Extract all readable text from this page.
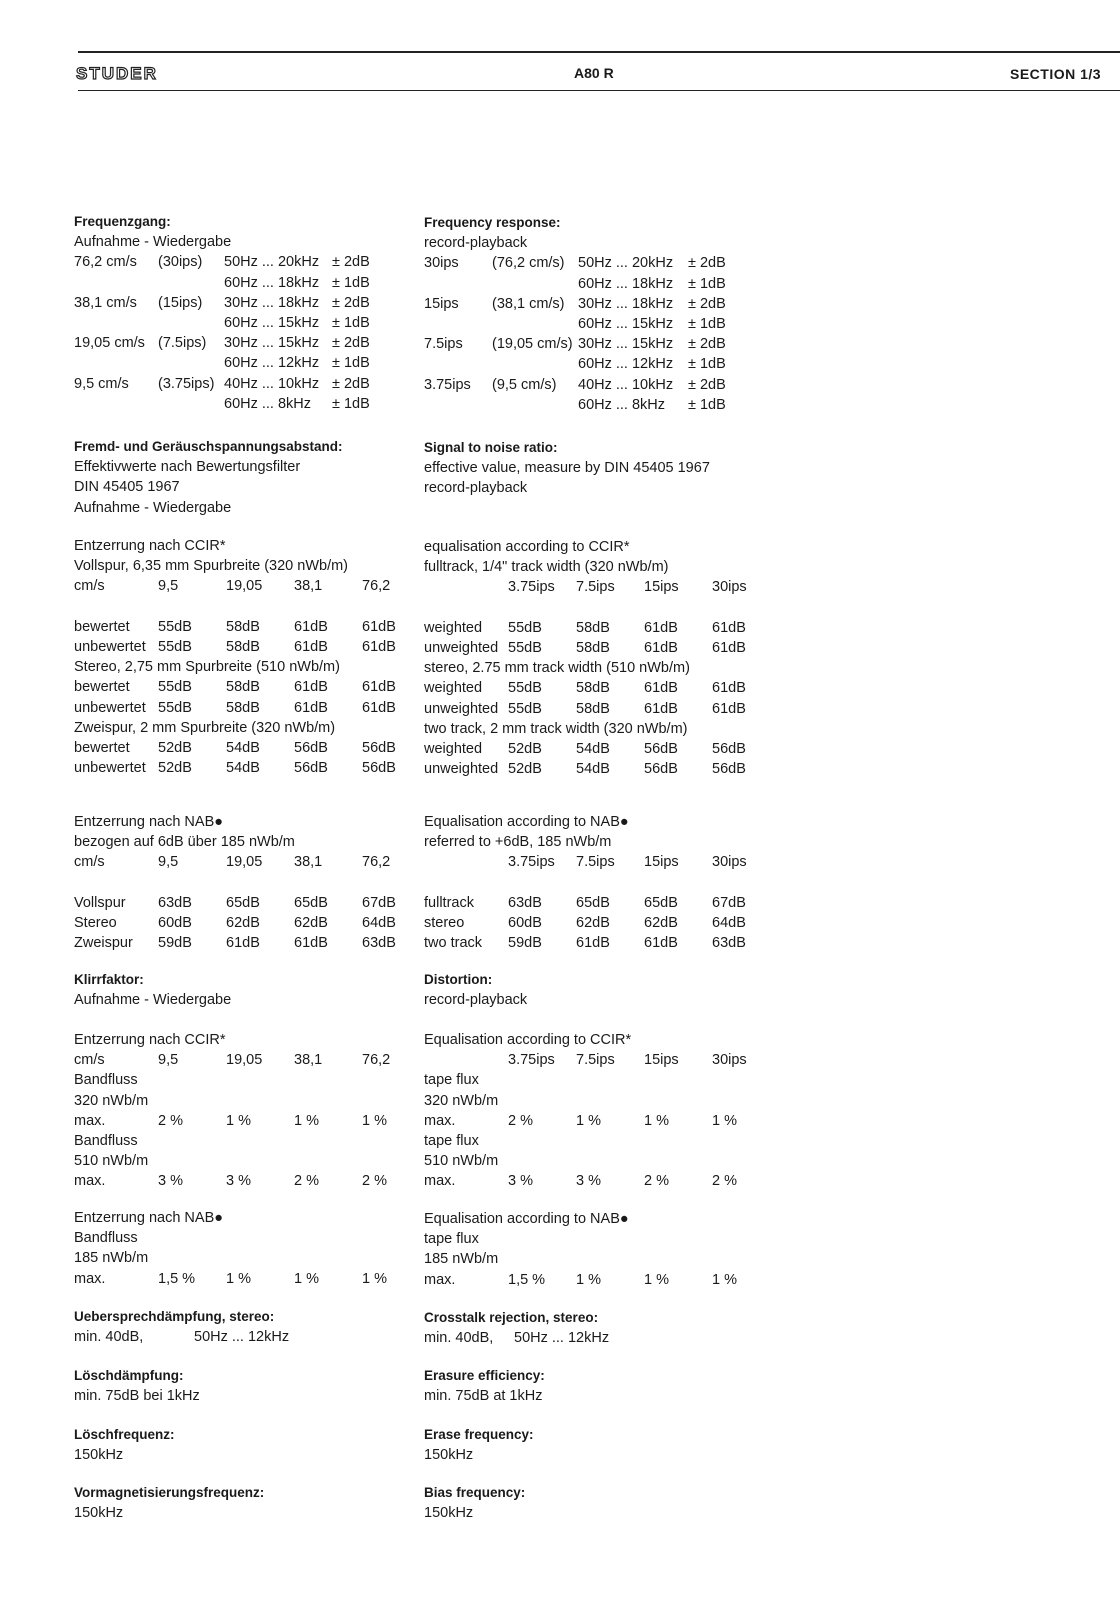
STUDER	A80 R	SECTION 1/3
Frequenzgang:
Aufnahme - Wiedergabe
76,2 cm/s (30ips) 50Hz ... 20kHz ± 2dB
60Hz ... 18kHz ± 1dB
38,1 cm/s (15ips) 30Hz ... 18kHz ± 2dB
60Hz ... 15kHz ± 1dB
19,05 cm/s (7.5ips) 30Hz ... 15kHz ± 2dB
60Hz ... 12kHz ± 1dB
9,5 cm/s (3.75ips) 40Hz ... 10kHz ± 2dB
60Hz ... 8kHz ± 1dB
Fremd- und Geräuschspannungsabstand:
Effektivwerte nach Bewertungsfilter
DIN 45405 1967
Aufnahme - Wiedergabe
Entzerrung nach CCIR*
Vollspur, 6,35 mm Spurbreite (320 nWb/m)
cm/s	9,5	19,05 38,1	76,2
bewertet 55dB 58dB 61dB 61dB
unbewertet 55dB 58dB 61dB 61dB
Stereo, 2,75 mm Spurbreite (510 nWb/m)
bewertet 55dB 58dB 61dB 61dB
unbewertet 55dB 58dB 61dB 61dB
Zweispur, 2 mm Spurbreite (320 nWb/m)
bewertet 52dB 54dB 56dB 56dB
unbewertet 52dB 54dB 56dB 56dB
Entzerrung nach NAB●
bezogen auf 6dB über 185 nWb/m
cm/s	9,5	19,05 38,1	76,2
Vollspur 63dB 65dB 65dB 67dB
Stereo	60dB 62dB 62dB 64dB
Zweispur 59dB 61dB 61dB 63dB
Klirrfaktor:
Aufnahme - Wiedergabe
Entzerrung nach CCIR*
cm/s	9,5	19,05 38,1	76,2
Bandfluss
320 nWb/m
max.	2 %	1 %	1 %	1 %
Bandfluss
510 nWb/m
max.	3 %	3 %	2 %	2 %
Entzerrung nach NAB●
Bandfluss
185 nWb/m
max.	1,5 % 1 %	1 %	1 %
Uebersprechdämpfung, stereo:
min. 40dB,	50Hz ... 12kHz
Löschdämpfung:
min. 75dB bei 1kHz
Löschfrequenz:
150kHz
Vormagnetisierungsfrequenz:
150kHz
Frequency response:
record-playback
30ips (76,2 cm/s) 50Hz ... 20kHz ± 2dB
60Hz ... 18kHz ± 1dB
15ips (38,1 cm/s) 30Hz ... 18kHz ± 2dB
60Hz ... 15kHz ± 1dB
7.5ips (19,05 cm/s) 30Hz ... 15kHz ± 2dB
60Hz ... 12kHz ± 1dB
3.75ips (9,5 cm/s) 40Hz ... 10kHz ± 2dB
60Hz ... 8kHz ± 1dB
Signal to noise ratio:
effective value, measure by DIN 45405 1967
record-playback
equalisation according to CCIR*
fulltrack, 1/4" track width (320 nWb/m)
3.75ips 7.5ips 15ips 30ips
weighted 55dB 58dB 61dB 61dB
unweighted 55dB 58dB 61dB 61dB
stereo, 2.75 mm track width (510 nWb/m)
weighted 55dB 58dB 61dB 61dB
unweighted 55dB 58dB 61dB 61dB
two track, 2 mm track width (320 nWb/m)
weighted 52dB 54dB 56dB 56dB
unweighted 52dB 54dB 56dB 56dB
Equalisation according to NAB●
referred to +6dB, 185 nWb/m
3.75ips 7.5ips 15ips 30ips
fulltrack 63dB 65dB 65dB 67dB
stereo	60dB 62dB 62dB 64dB
two track 59dB 61dB 61dB 63dB
Distortion:
record-playback
Equalisation according to CCIR*
3.75ips 7.5ips 15ips 30ips
tape flux
320 nWb/m
max.	2 %	1 %	1 %	1 %
tape flux
510 nWb/m
max.	3 %	3 %	2 %	2 %
Equalisation according to NAB●
tape flux
185 nWb/m
max.	1,5 % 1 %	1 %	1 %
Crosstalk rejection, stereo:
min. 40dB, 50Hz ... 12kHz
Erasure efficiency:
min. 75dB at 1kHz
Erase frequency:
150kHz
Bias frequency:
150kHz
